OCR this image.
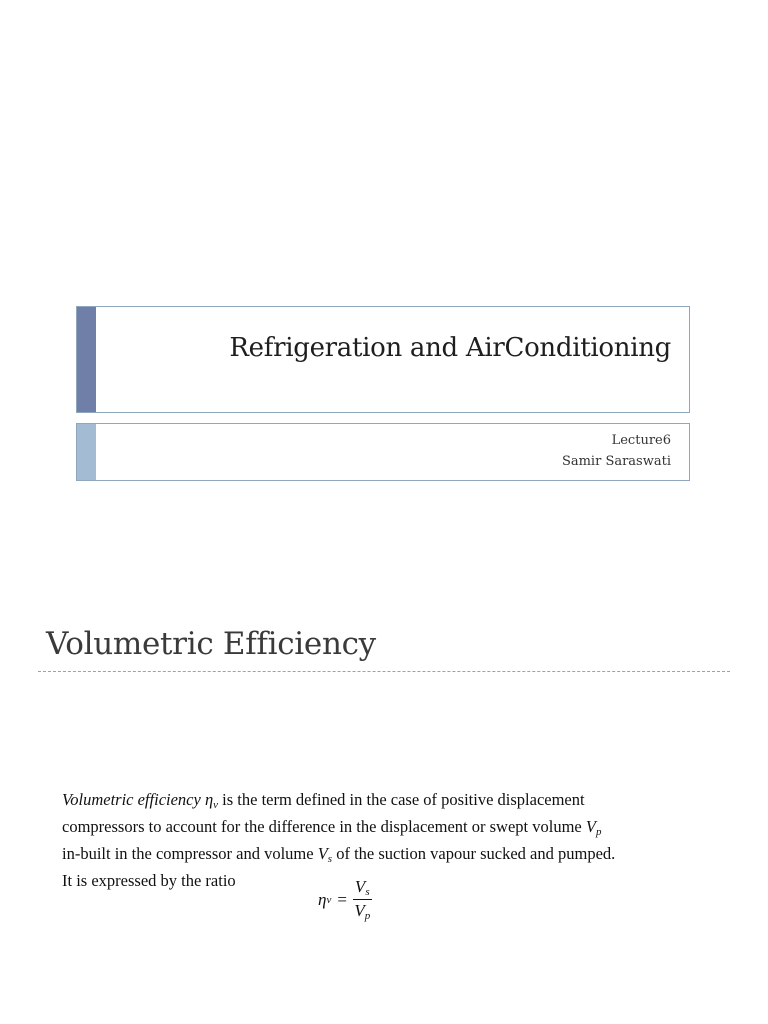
Refrigeration and AirConditioning
Lecture6
Samir Saraswati
Volumetric Efficiency

Volumetric efficiency $\eta_v$ is the term defined in the case of positive displacement

compressors to account for the difference in the displacement or swept volume $V_p$

in-built in the compressor and volume $V_s$ of the suction vapour sucked and pumped.

It is expressed by the ratio

η $v = \frac{V_s}{V_p}$
